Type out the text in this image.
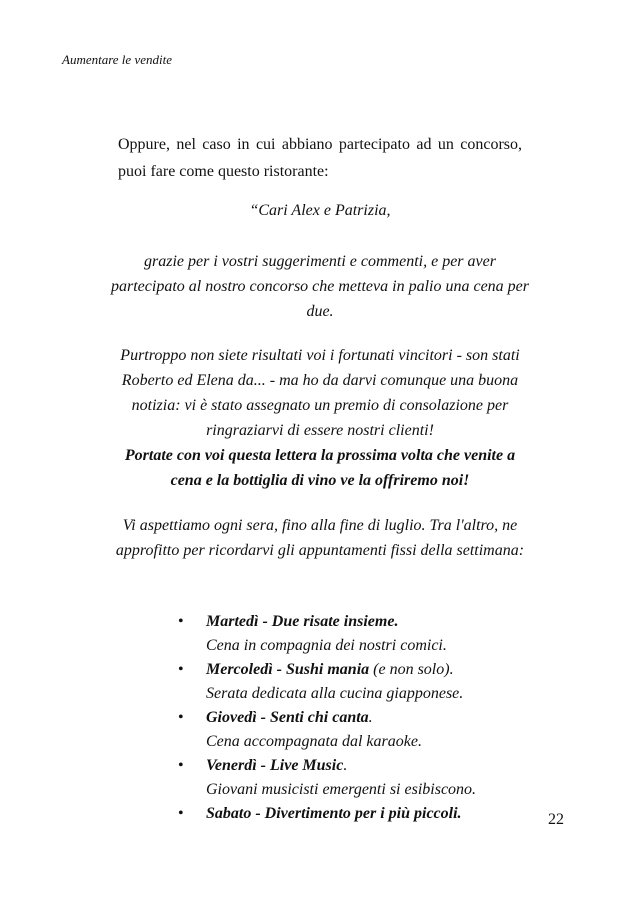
Aumentare le vendite

Oppure, nel caso in cui abbiano partecipato ad un concorso, puoi fare come questo ristorante:

“Cari Alex e Patrizia,

grazie per i vostri suggerimenti e commenti, e per aver partecipato al nostro concorso che metteva in palio una cena per due.

Purtroppo non siete risultati voi i fortunati vincitori - son stati Roberto ed Elena da... - ma ho da darvi comunque una buona notizia: vi è stato assegnato un premio di consolazione per ringraziarvi di essere nostri clienti!

Portate con voi questa lettera la prossima volta che venite a cena e la bottiglia di vino ve la offriremo noi!

Vi aspettiamo ogni sera, fino alla fine di luglio. Tra l'altro, ne approfitto per ricordarvi gli appuntamenti fissi della settimana:

• Martedì - Due risate insieme.
Cena in compagnia dei nostri comici.
• Mercoledì - Sushi mania (e non solo).
Serata dedicata alla cucina giapponese.
• Giovedì - Senti chi canta.
Cena accompagnata dal karaoke.
• Venerdì - Live Music.
Giovani musicisti emergenti si esibiscono.
• Sabato - Divertimento per i più piccoli.	22
